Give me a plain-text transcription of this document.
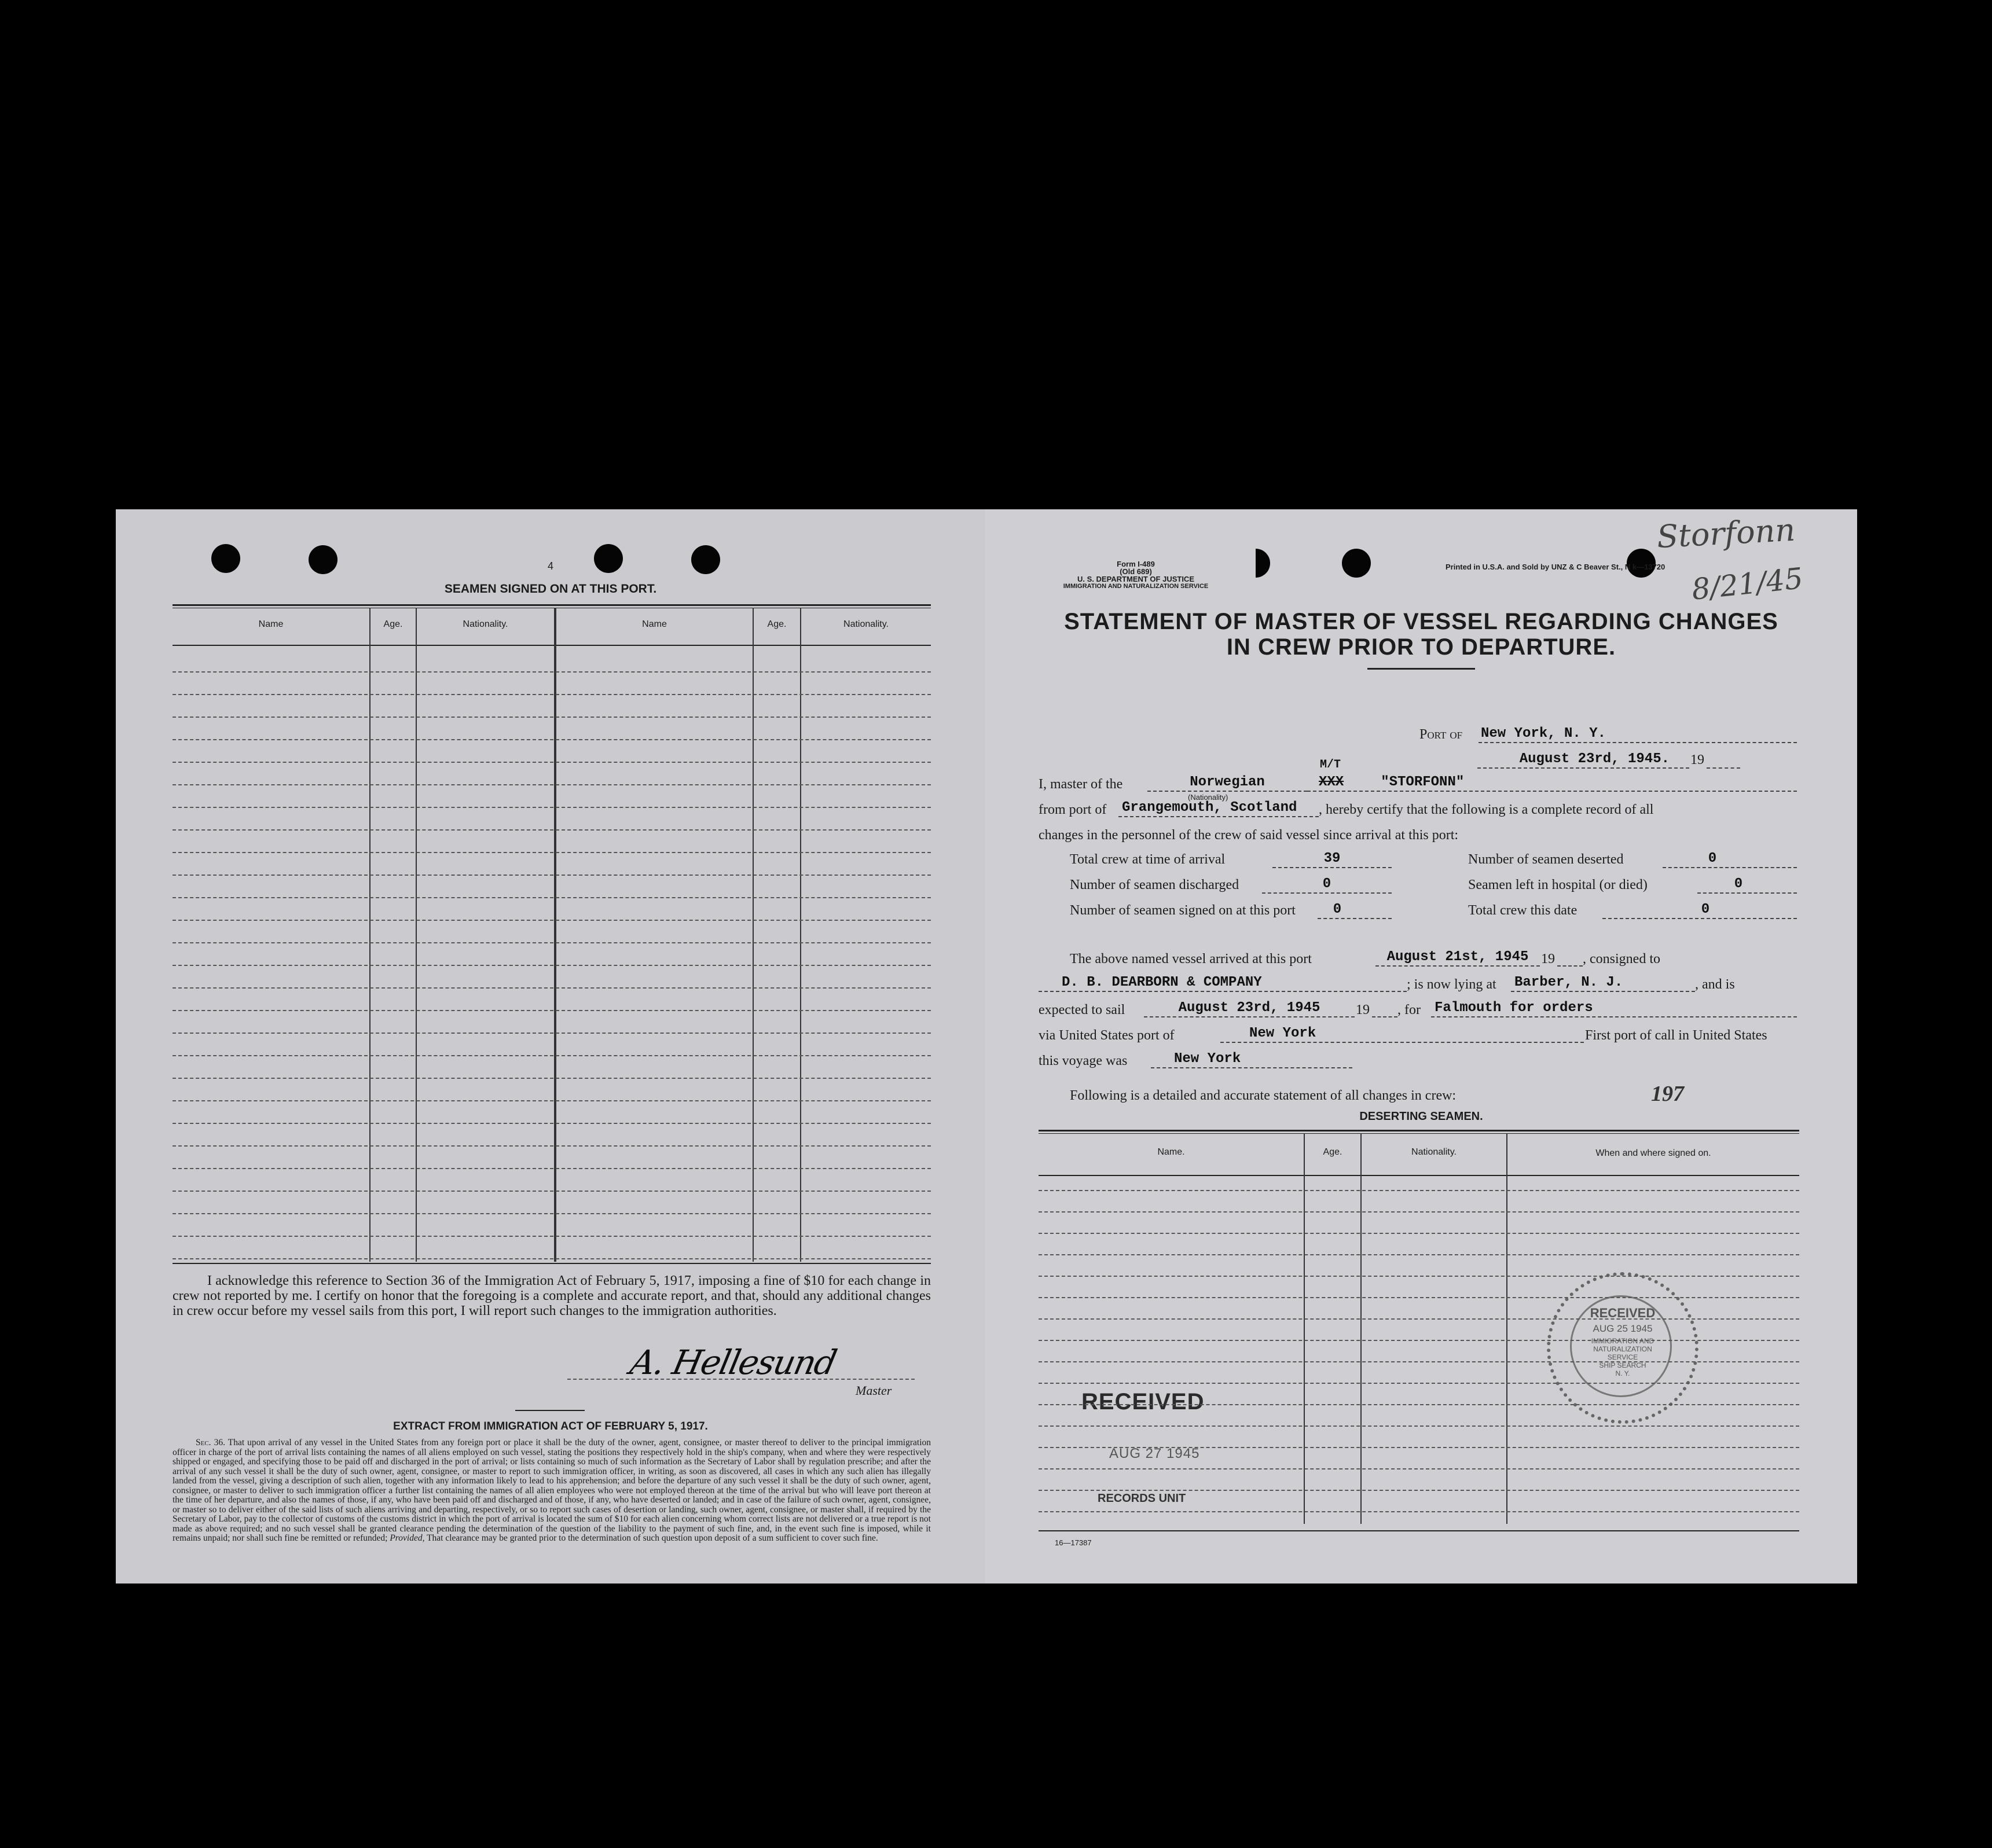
4
SEAMEN SIGNED ON AT THIS PORT.
Name	Age.	Nationality.	Name	Age.	Nationality.
I acknowledge this reference to Section 36 of the Immigration Act of February 5, 1917, imposing a fine of $10 for each change in crew not reported by me. I certify on honor that the foregoing is a complete and accurate report, and that, should any additional changes in crew occur before my vessel sails from this port, I will report such changes to the immigration authorities.
A. Hellesund
Master
EXTRACT FROM IMMIGRATION ACT OF FEBRUARY 5, 1917.
Sec. 36. That upon arrival of any vessel in the United States from any foreign port or place it shall be the duty of the owner, agent, consignee, or master thereof to deliver to the principal immigration officer in charge of the port of arrival lists containing the names of all aliens employed on such vessel, stating the positions they respectively hold in the ship's company, when and where they were respectively shipped or engaged, and specifying those to be paid off and discharged in the port of arrival; or lists containing so much of such information as the Secretary of Labor shall by regulation prescribe; and after the arrival of any such vessel it shall be the duty of such owner, agent, consignee, or master to report to such immigration officer, in writing, as soon as discovered, all cases in which any such alien has illegally landed from the vessel, giving a description of such alien, together with any information likely to lead to his apprehension; and before the departure of any such vessel it shall be the duty of such owner, agent, consignee, or master to deliver to such immigration officer a further list containing the names of all alien employees who were not employed thereon at the time of the arrival but who will leave port thereon at the time of her departure, and also the names of those, if any, who have been paid off and discharged and of those, if any, who have deserted or landed; and in case of the failure of such owner, agent, consignee, or master so to deliver either of the said lists of such aliens arriving and departing, respectively, or so to report such cases of desertion or landing, such owner, agent, consignee, or master shall, if required by the Secretary of Labor, pay to the collector of customs of the customs district in which the port of arrival is located the sum of $10 for each alien concerning whom correct lists are not delivered or a true report is not made as above required; and no such vessel shall be granted clearance pending the determination of the question of the liability to the payment of such fine, and, in the event such fine is imposed, while it remains unpaid; nor shall such fine be remitted or refunded; Provided, That clearance may be granted prior to the determination of such question upon deposit of a sum sufficient to cover such fine.
Form I-489
(Old 689)
U. S. DEPARTMENT OF JUSTICE
IMMIGRATION AND NATURALIZATION SERVICE
Printed in U.S.A. and Sold by UNZ & C Beaver St., N k—13720
Storfonn
8/21/45
STATEMENT OF MASTER OF VESSEL REGARDING CHANGES
IN CREW PRIOR TO DEPARTURE.
Port of New York, N. Y.
August 23rd, 1945.	19
I, master of the	Norwegian
(Nationality)
M/T
XXX	"STORFONN"
from port of Grangemouth, Scotland	, hereby certify that the following is a complete record of all
changes in the personnel of the crew of said vessel since arrival at this port:
Total crew at time of arrival	39	Number of seamen deserted	0
Number of seamen discharged	0	Seamen left in hospital (or died)	0
Number of seamen signed on at this port	0	Total crew this date	0
The above named vessel arrived at this port	August 21st, 1945 19 , consigned to
D. B. DEARBORN & COMPANY	; is now lying at Barber, N. J.	, and is
expected to sail	August 23rd, 1945	19 , for Falmouth for orders
via United States port of	New York	First port of call in United States
this voyage was	New York
Following is a detailed and accurate statement of all changes in crew:	197
DESERTING SEAMEN.
Name.	Age.	Nationality.	When and where signed on.
RECEIVED
AUG 27 1945
RECORDS UNIT
RECEIVED
AUG 25 1945
IMMIGRATION AND
NATURALIZATION
SERVICE
SHIP SEARCH
N. Y.
16—17387
